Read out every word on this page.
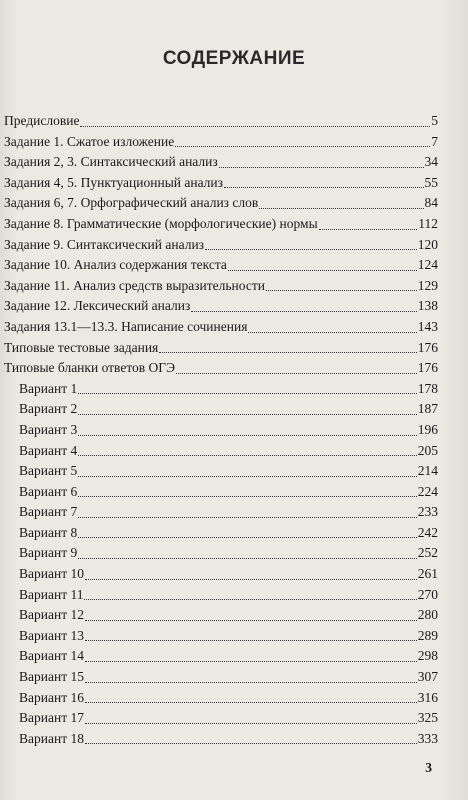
СОДЕРЖАНИЕ
Предисловие	5
Задание 1. Сжатое изложение	7
Задания 2, 3. Синтаксический анализ	34
Задания 4, 5. Пунктуационный анализ	55
Задания 6, 7. Орфографический анализ слов	84
Задание 8. Грамматические (морфологические) нормы	112
Задание 9. Синтаксический анализ	120
Задание 10. Анализ содержания текста	124
Задание 11. Анализ средств выразительности	129
Задание 12. Лексический анализ	138
Задания 13.1—13.3. Написание сочинения	143
Типовые тестовые задания	176
Типовые бланки ответов ОГЭ	176
Вариант 1	178
Вариант 2	187
Вариант 3	196
Вариант 4	205
Вариант 5	214
Вариант 6	224
Вариант 7	233
Вариант 8	242
Вариант 9	252
Вариант 10	261
Вариант 11	270
Вариант 12	280
Вариант 13	289
Вариант 14	298
Вариант 15	307
Вариант 16	316
Вариант 17	325
Вариант 18	333
3
